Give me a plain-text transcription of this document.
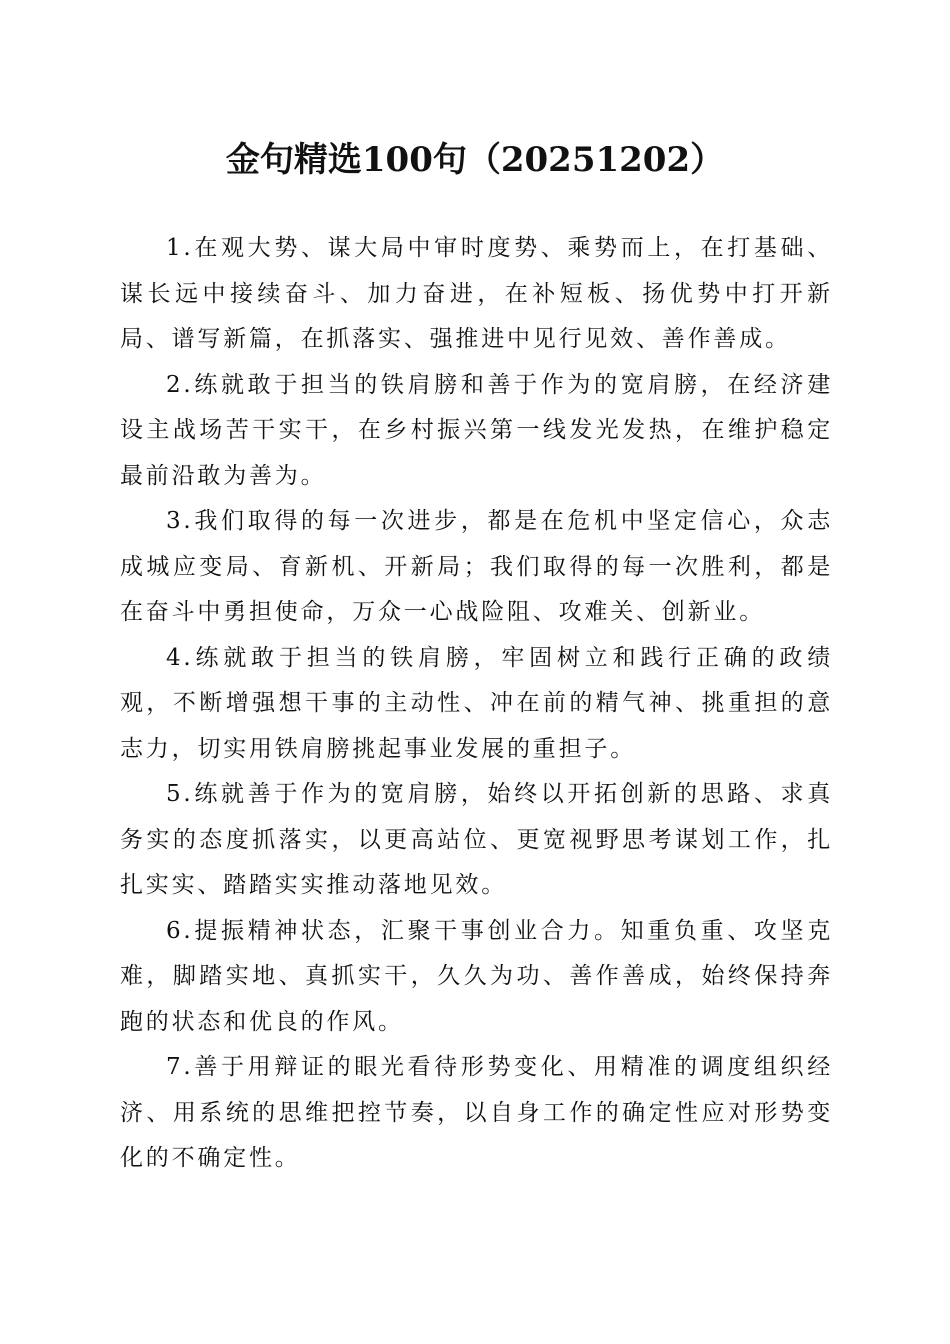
金句精选100句（20251202）

1.在观大势、谋大局中审时度势、乘势而上，在打基础、谋长远中接续奋斗、加力奋进，在补短板、扬优势中打开新局、谱写新篇，在抓落实、强推进中见行见效、善作善成。

2.练就敢于担当的铁肩膀和善于作为的宽肩膀，在经济建设主战场苦干实干，在乡村振兴第一线发光发热，在维护稳定最前沿敢为善为。

3.我们取得的每一次进步，都是在危机中坚定信心，众志成城应变局、育新机、开新局；我们取得的每一次胜利，都是在奋斗中勇担使命，万众一心战险阻、攻难关、创新业。

4.练就敢于担当的铁肩膀，牢固树立和践行正确的政绩观，不断增强想干事的主动性、冲在前的精气神、挑重担的意志力，切实用铁肩膀挑起事业发展的重担子。

5.练就善于作为的宽肩膀，始终以开拓创新的思路、求真务实的态度抓落实，以更高站位、更宽视野思考谋划工作，扎扎实实、踏踏实实推动落地见效。

6.提振精神状态，汇聚干事创业合力。知重负重、攻坚克难，脚踏实地、真抓实干，久久为功、善作善成，始终保持奔跑的状态和优良的作风。

7.善于用辩证的眼光看待形势变化、用精准的调度组织经济、用系统的思维把控节奏，以自身工作的确定性应对形势变化的不确定性。
